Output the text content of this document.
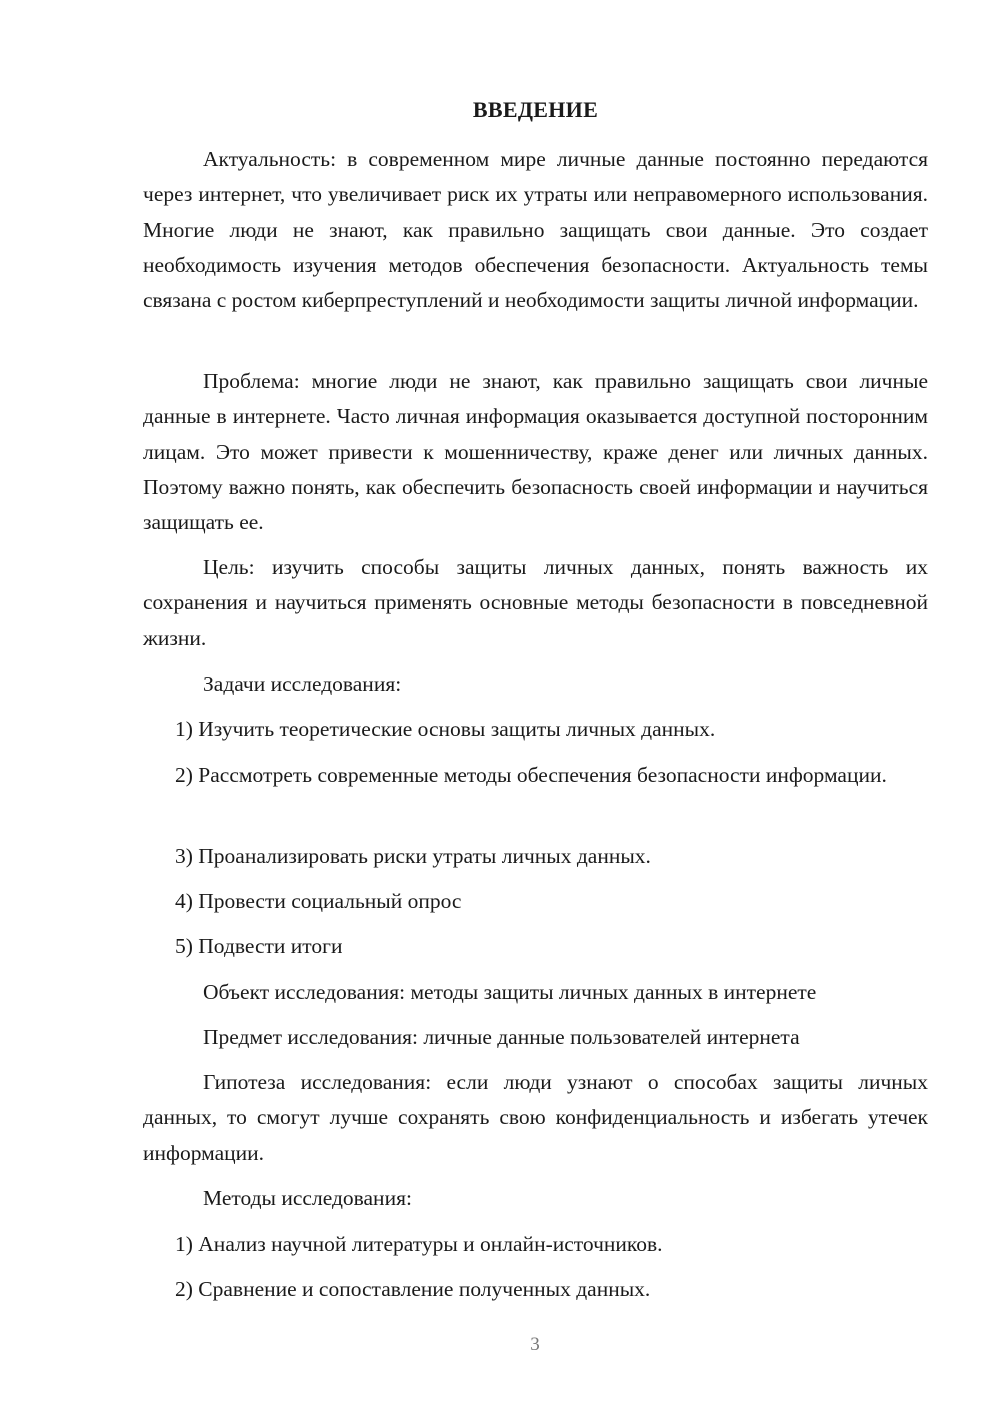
ВВЕДЕНИЕ

Актуальность: в современном мире личные данные постоянно передаются через интернет, что увеличивает риск их утраты или неправомерного использования. Многие люди не знают, как правильно защищать свои данные. Это создает необходимость изучения методов обеспечения безопасности. Актуальность темы связана с ростом киберпреступлений и необходимости защиты личной информации.

Проблема: многие люди не знают, как правильно защищать свои личные данные в интернете. Часто личная информация оказывается доступной посторонним лицам. Это может привести к мошенничеству, краже денег или личных данных. Поэтому важно понять, как обеспечить безопасность своей информации и научиться защищать ее.

Цель: изучить способы защиты личных данных, понять важность их сохранения и научиться применять основные методы безопасности в повседневной жизни.

Задачи исследования:

1) Изучить теоретические основы защиты личных данных.

2) Рассмотреть современные методы обеспечения безопасности информации.

3) Проанализировать риски утраты личных данных.

4) Провести социальный опрос

5) Подвести итоги

Объект исследования: методы защиты личных данных в интернете

Предмет исследования: личные данные пользователей интернета

Гипотеза исследования: если люди узнают о способах защиты личных данных, то смогут лучше сохранять свою конфиденциальность и избегать утечек информации.

Методы исследования:

1) Анализ научной литературы и онлайн-источников.

2) Сравнение и сопоставление полученных данных.

3
